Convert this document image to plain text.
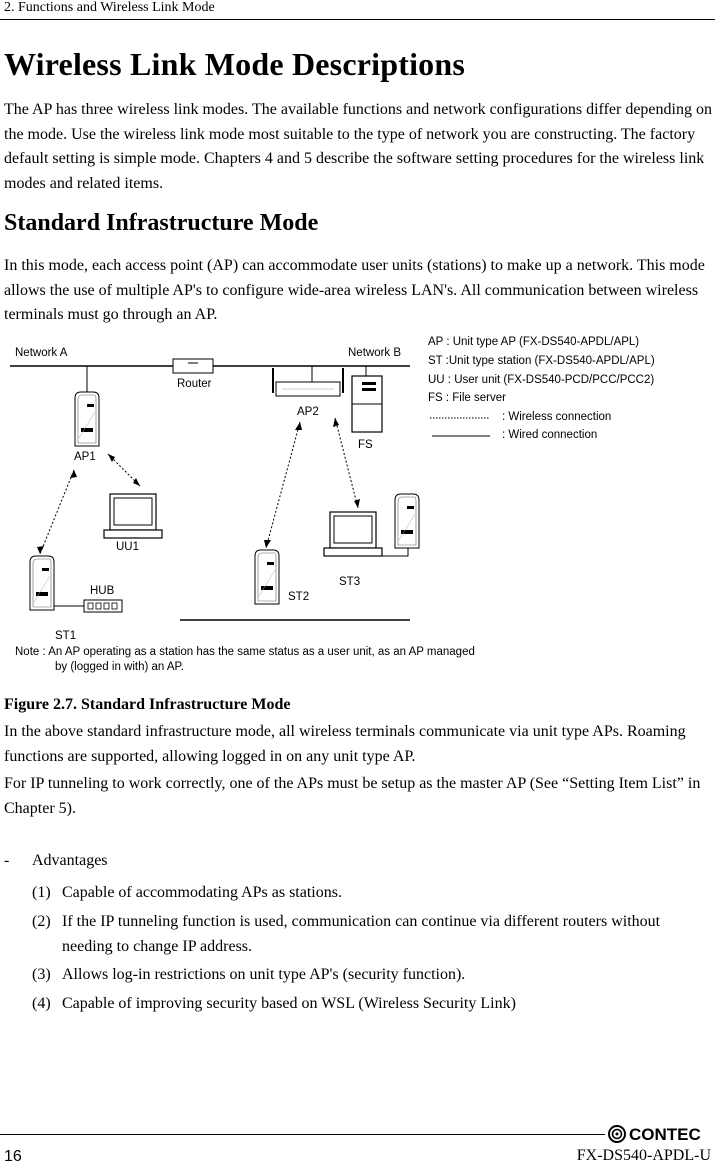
2. Functions and Wireless Link Mode
Wireless Link Mode Descriptions

The AP has three wireless link modes. The available functions and network configurations differ depending on the mode. Use the wireless link mode most suitable to the type of network you are constructing. The factory default setting is simple mode. Chapters 4 and 5 describe the software setting procedures for the wireless link modes and related items.

Standard Infrastructure Mode

In this mode, each access point (AP) can accommodate user units (stations) to make up a network. This mode allows the use of multiple AP's to configure wide-area wireless LAN's. All communication between wireless terminals must go through an AP.

Network A	Network B
Router
AP1
AP2
FS
UU1
HUB
ST1
ST2
ST3
AP : Unit type AP (FX-DS540-APDL/APL)
ST :Unit type station (FX-DS540-APDL/APL)
UU : User unit (FX-DS540-PCD/PCC/PCC2)
FS : File server
: Wireless connection
: Wired connection
Note : An AP operating as a station has the same status as a user unit, as an AP managed
by (logged in with) an AP.
Figure 2.7. Standard Infrastructure Mode

In the above standard infrastructure mode, all wireless terminals communicate via unit type APs. Roaming functions are supported, allowing logged in on any unit type AP.

For IP tunneling to work correctly, one of the APs must be setup as the master AP (See “Setting Item List” in Chapter 5).

- Advantages
(1) Capable of accommodating APs as stations.
(2) If the IP tunneling function is used, communication can continue via different routers without needing to change IP address.
(3) Allows log-in restrictions on unit type AP's (security function).
(4) Capable of improving security based on WSL (Wireless Security Link)
CONTEC
16	FX-DS540-APDL-U
